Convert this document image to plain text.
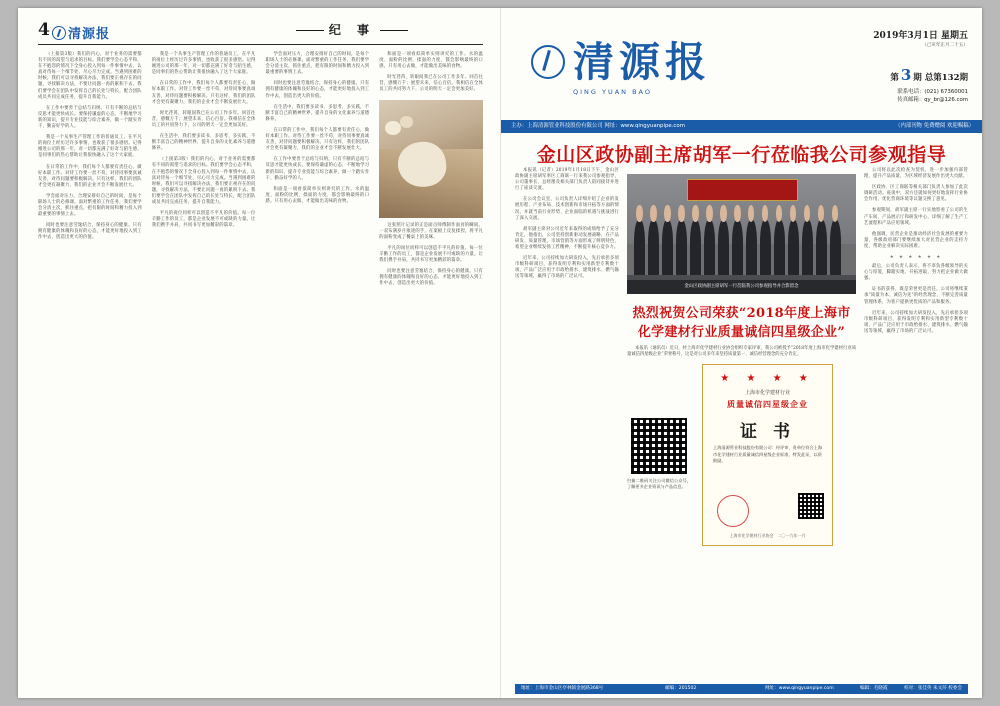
4	清源报	纪 事
（上接第3版）我们的内心，对于业务的需要都有不同的渴望与追求的目标。我们要学会心态平和，在不抱怨的情况下全身心投入到每一件事情中去，认真对待每一个细节处，尽心尽力完成。当遇到困难的时候，我们可以寻找解决办法，我们要正视存在的问题，寻找解决方法，不要让问题一再的累积下去。我们要学会在团队中发挥自己的长处与特长，配合团队成员共同完成任务，提升自我能力。
在工作中要善于总结与归纳，只有不断的总结与反思才能更快成长。要保持谦虚的心态，不断地学习新的知识，提升专业技能与综合素养，做一个踏实肯干、勤奋好学的人。
我是一个从事生产管理工作的普通员工，在平凡的岗位上经历过许多事情，也收获了很多感悟。记得刚进公司的那一年，对一切都充满了好奇与陌生感，是同事们的热心帮助让我很快融入了这个大家庭。
在日常的工作中，我们每个人都要有责任心，做好本职工作。对待工作要一丝不苟，对待同事要真诚友善，对待问题要积极解决。只有这样，我们的团队才会更有凝聚力，我们的企业才会不断发展壮大。
学会面对压力，合理安排好自己的时间，是每个职场人士的必修课。面对繁重的工作任务，我们要学会分清主次、抓住重点，把有限的时间和精力投入到最重要的事情上去。
同时也要注意劳逸结合，保持身心的健康。只有拥有健康的体魄和良好的心态，才能更好地投入到工作中去，创造出更大的价值。
我是一个从事生产管理工作的普通员工，在平凡的岗位上经历过许多事情，也收获了很多感悟。记得刚进公司的那一年，对一切都充满了好奇与陌生感，是同事们的热心帮助让我很快融入了这个大家庭。
在日常的工作中，我们每个人都要有责任心，做好本职工作。对待工作要一丝不苟，对待同事要真诚友善，对待问题要积极解决。只有这样，我们的团队才会更有凝聚力，我们的企业才会不断发展壮大。
时光荏苒，转眼间我已在公司工作多年。回首往昔，感慨万千；展望未来，信心百倍。我相信在全体员工的共同努力下，公司的明天一定会更加美好。
在生活中，我们要多读书、多思考、多实践，不断丰富自己的精神世界，提升自身的文化素养与道德修养。
（上接第3版）我们的内心，对于业务的需要都有不同的渴望与追求的目标。我们要学会心态平和，在不抱怨的情况下全身心投入到每一件事情中去，认真对待每一个细节处，尽心尽力完成。当遇到困难的时候，我们可以寻找解决办法，我们要正视存在的问题，寻找解决方法，不要让问题一再的累积下去。我们要学会在团队中发挥自己的长处与特长，配合团队成员共同完成任务，提升自我能力。
平凡的岗位同样可以创造不平凡的价值。每一位辛勤工作的员工，都是企业发展不可或缺的力量。让我们携手并肩，共同书写更加精彩的篇章。
学会面对压力，合理安排好自己的时间，是每个职场人士的必修课。面对繁重的工作任务，我们要学会分清主次、抓住重点，把有限的时间和精力投入到最重要的事情上去。
同时也要注意劳逸结合，保持身心的健康。只有拥有健康的体魄和良好的心态，才能更好地投入到工作中去，创造出更大的价值。
在生活中，我们要多读书、多思考、多实践，不断丰富自己的精神世界，提升自身的文化素养与道德修养。
在日常的工作中，我们每个人都要有责任心，做好本职工作。对待工作要一丝不苟，对待同事要真诚友善，对待问题要积极解决。只有这样，我们的团队才会更有凝聚力，我们的企业才会不断发展壮大。
在工作中要善于总结与归纳，只有不断的总结与反思才能更快成长。要保持谦虚的心态，不断地学习新的知识，提升专业技能与综合素养，做一个踏实肯干、勤奋好学的人。
和面是一项看似简单实则讲究的工作。水的温度、面粉的比例、揉面的力度，都会影响最终的口感。只有用心去做，才能做出美味的食物。
和面是一项看似简单实则讲究的工作。水的温度、面粉的比例、揉面的力度，都会影响最终的口感。只有用心去做，才能做出美味的食物。
时光荏苒，转眼间我已在公司工作多年。回首往昔，感慨万千；展望未来，信心百倍。我相信在全体员工的共同努力下，公司的明天一定会更加美好。
这张照片记录的正是面点师傅制作面食的瞬间。一双布满岁月痕迹的手，在案板上反复揉捏，将平凡的面粉变成了餐桌上的美味。
平凡的岗位同样可以创造不平凡的价值。每一位辛勤工作的员工，都是企业发展不可或缺的力量。让我们携手并肩，共同书写更加精彩的篇章。
同时也要注意劳逸结合，保持身心的健康。只有拥有健康的体魄和良好的心态，才能更好地投入到工作中去，创造出更大的价值。
2019年3月1日 星期五
（己亥年正月二十五）
清源报
QING YUAN BAO
第 3 期 总第132期
联系电话：(021) 67360001
传真邮箱：qy_br@126.com
主办：上海清源管业科技股份有限公司 网址：www.qingyuanpipe.com	（内部刊物 免费赠阅 欢迎赐稿）
金山区政协副主席胡军一行莅临我公司参观指导
本报讯（记者）2019年1月18日下午，金山区政协副主席胡军率区工商联一行来我公司参观指导，公司董事长、总经理及相关部门负责人陪同接待并进行了座谈交流。
在公司会议室，公司负责人详细介绍了企业的发展历程、产业布局、技术创新和市场开拓等方面的情况，并就当前行业形势、企业面临的机遇与挑战进行了深入交流。
胡军副主席对公司近年来取得的成绩给予了充分肯定，他指出，公司坚持创新驱动发展战略，在产品研发、质量管理、市场营销等方面形成了鲜明特色，希望企业继续发扬工匠精神，不断提升核心竞争力。
近年来，公司持续加大研发投入，先后承担多项市级科研项目，获得发明专利和实用新型专利数十项，产品广泛应用于市政给排水、建筑排水、燃气输送等领域，赢得了市场的广泛认可。
金山区政协副主席胡军一行莅临我公司参观指导并合影留念
热烈祝贺公司荣获“2018年度上海市化学建材行业质量诚信四星级企业”
本报讯（通讯员）近日，经上海市化学建材行业协会组织专家评审，我公司被授予“2018年度上海市化学建材行业质量诚信四星级企业”荣誉称号，这是对公司多年来坚持质量第一、诚信经营理念的充分肯定。
★ ★ ★ ★
上海市化学建材行业
质量诚信四星级企业
证 书
上海清源管业科技股份有限公司：经评审，贵单位符合上海市化学建材行业质量诚信四星级企业标准，特发此证，以资鼓励。
上海市化学建材行业协会　二〇一九年一月
扫描二维码关注公司微信公众号，了解更多企业资讯与产品信息。
公司将以此次检查为契机，进一步加强内部管理，提升产品质量，为区域经济发展作出更大贡献。
区政协、区工商联等相关部门负责人参加了此次调研活动。座谈中，双方还就如何更好地发挥行业协会作用、优化营商环境等议题交换了意见。
参观期间，胡军副主席一行实地察看了公司的生产车间、产品展示厅和研发中心，详细了解了生产工艺流程和产品应用领域。
他强调，民营企业是推动经济社会发展的重要力量，各级政府部门要继续加大对民营企业的支持力度，帮助企业解决实际困难。
★ ★ ★ ★ ★ ★
最后，公司负责人表示，将不辜负各级领导的关心与厚爱，脚踏实地、开拓进取，努力把企业做大做强。
证书的获得，既是荣誉更是责任。公司将继续秉承“质量为本、诚信为先”的经营理念，不断完善质量管理体系，为客户提供更优质的产品和服务。
近年来，公司持续加大研发投入，先后承担多项市级科研项目，获得发明专利和实用新型专利数十项，产品广泛应用于市政给排水、建筑排水、燃气输送等领域，赢得了市场的广泛认可。
地址：上海市金山区亭林镇金展路368号	邮编：201502	网址：www.qingyuanpipe.com	编辑：毛晓霞	校对：张佳英 朱文莎 校委会
